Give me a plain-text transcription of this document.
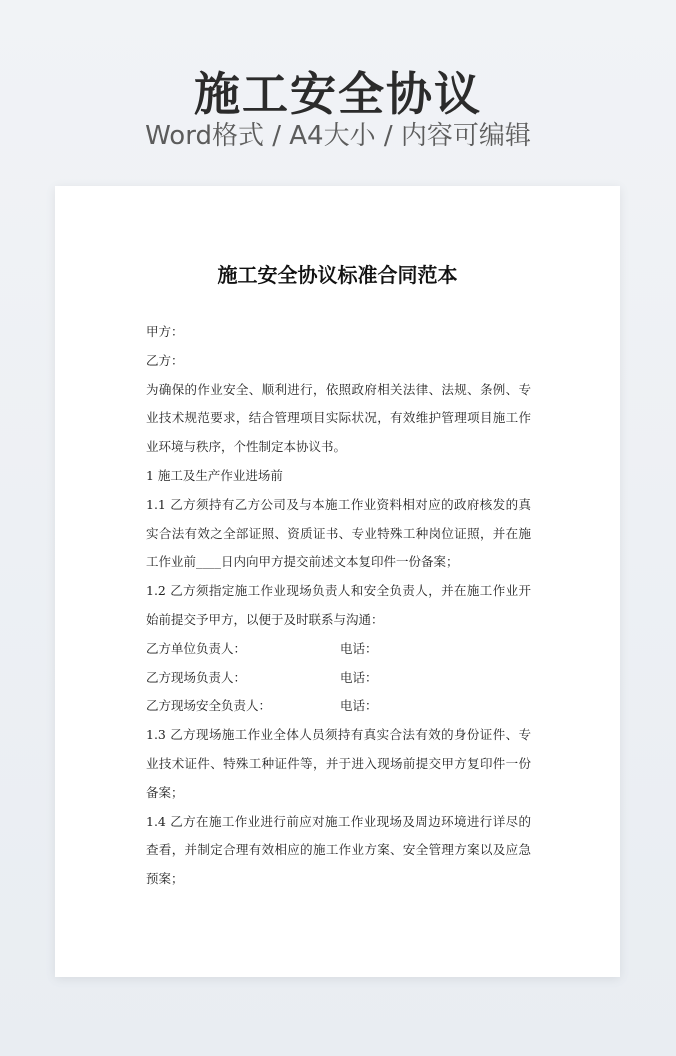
施工安全协议
Word格式 / A4大小 / 内容可编辑
施工安全协议标准合同范本

甲方：

乙方：

为确保的作业安全、顺利进行，依照政府相关法律、法规、条例、专业技术规范要求，结合管理项目实际状况，有效维护管理项目施工作业环境与秩序，个性制定本协议书。

1 施工及生产作业进场前

1.1 乙方须持有乙方公司及与本施工作业资料相对应的政府核发的真实合法有效之全部证照、资质证书、专业特殊工种岗位证照，并在施工作业前____日内向甲方提交前述文本复印件一份备案；

1.2 乙方须指定施工作业现场负责人和安全负责人，并在施工作业开始前提交予甲方，以便于及时联系与沟通：

乙方单位负责人：	电话：
乙方现场负责人：	电话：
乙方现场安全负责人：	电话：

1.3 乙方现场施工作业全体人员须持有真实合法有效的身份证件、专业技术证件、特殊工种证件等，并于进入现场前提交甲方复印件一份备案；

1.4 乙方在施工作业进行前应对施工作业现场及周边环境进行详尽的查看，并制定合理有效相应的施工作业方案、安全管理方案以及应急预案；
